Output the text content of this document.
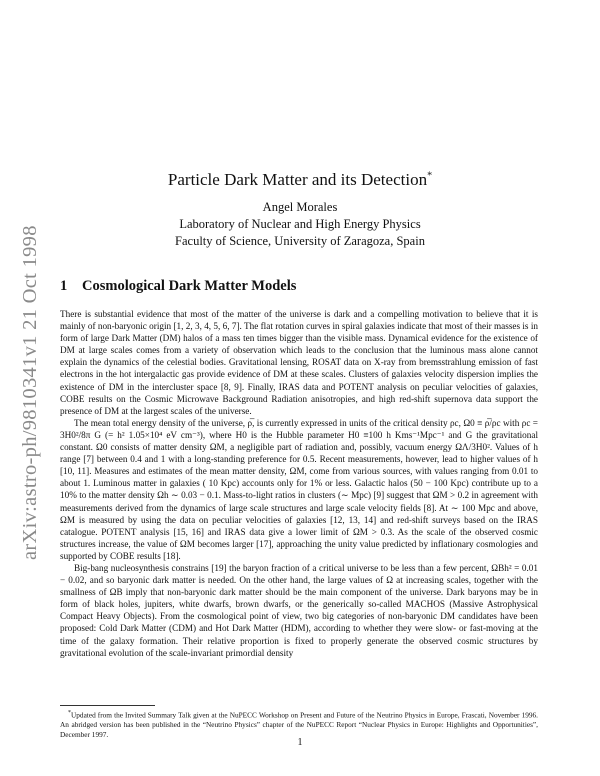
arXiv:astro-ph/9810341v1 21 Oct 1998
Particle Dark Matter and its Detection*
Angel Morales
Laboratory of Nuclear and High Energy Physics
Faculty of Science, University of Zaragoza, Spain
1 Cosmological Dark Matter Models

There is substantial evidence that most of the matter of the universe is dark and a compelling motivation to believe that it is mainly of non-baryonic origin [1, 2, 3, 4, 5, 6, 7]. The flat rotation curves in spiral galaxies indicate that most of their masses is in form of large Dark Matter (DM) halos of a mass ten times bigger than the visible mass. Dynamical evidence for the existence of DM at large scales comes from a variety of observation which leads to the conclusion that the luminous mass alone cannot explain the dynamics of the celestial bodies. Gravitational lensing, ROSAT data on X-ray from bremsstrahlung emission of fast electrons in the hot intergalactic gas provide evidence of DM at these scales. Clusters of galaxies velocity dispersion implies the existence of DM in the intercluster space [8, 9]. Finally, IRAS data and POTENT analysis on peculiar velocities of galaxies, COBE results on the Cosmic Microwave Background Radiation anisotropies, and high red-shift supernova data support the presence of DM at the largest scales of the universe.

The mean total energy density of the universe, ρ̅, is currently expressed in units of the critical density ρc, Ω0 ≡ ρ̅/ρc with ρc = 3H0²/8π G (= h² 1.05×10⁴ eV cm⁻³), where H0 is the Hubble parameter H0 ≡100 h Kms⁻¹Mpc⁻¹ and G the gravitational constant. Ω0 consists of matter density ΩM, a negligible part of radiation and, possibly, vacuum energy ΩΛ/3H0². Values of h range [7] between 0.4 and 1 with a long-standing preference for 0.5. Recent measurements, however, lead to higher values of h [10, 11]. Measures and estimates of the mean matter density, ΩM, come from various sources, with values ranging from 0.01 to about 1. Luminous matter in galaxies ( 10 Kpc) accounts only for 1% or less. Galactic halos (50 − 100 Kpc) contribute up to a 10% to the matter density Ωh ∼ 0.03 − 0.1. Mass-to-light ratios in clusters (∼ Mpc) [9] suggest that ΩM > 0.2 in agreement with measurements derived from the dynamics of large scale structures and large scale velocity fields [8]. At ∼ 100 Mpc and above, ΩM is measured by using the data on peculiar velocities of galaxies [12, 13, 14] and red-shift surveys based on the IRAS catalogue. POTENT analysis [15, 16] and IRAS data give a lower limit of ΩM > 0.3. As the scale of the observed cosmic structures increase, the value of ΩM becomes larger [17], approaching the unity value predicted by inflationary cosmologies and supported by COBE results [18].

Big-bang nucleosynthesis constrains [19] the baryon fraction of a critical universe to be less than a few percent, ΩBh² = 0.01 − 0.02, and so baryonic dark matter is needed. On the other hand, the large values of Ω at increasing scales, together with the smallness of ΩB imply that non-baryonic dark matter should be the main component of the universe. Dark baryons may be in form of black holes, jupiters, white dwarfs, brown dwarfs, or the generically so-called MACHOS (Massive Astrophysical Compact Heavy Objects). From the cosmological point of view, two big categories of non-baryonic DM candidates have been proposed: Cold Dark Matter (CDM) and Hot Dark Matter (HDM), according to whether they were slow- or fast-moving at the time of the galaxy formation. Their relative proportion is fixed to properly generate the observed cosmic structures by gravitational evolution of the scale-invariant primordial density

*Updated from the Invited Summary Talk given at the NuPECC Workshop on Present and Future of the Neutrino Physics in Europe, Frascati, November 1996. An abridged version has been published in the “Neutrino Physics” chapter of the NuPECC Report “Nuclear Physics in Europe: Highlights and Opportunities”, December 1997.
1
